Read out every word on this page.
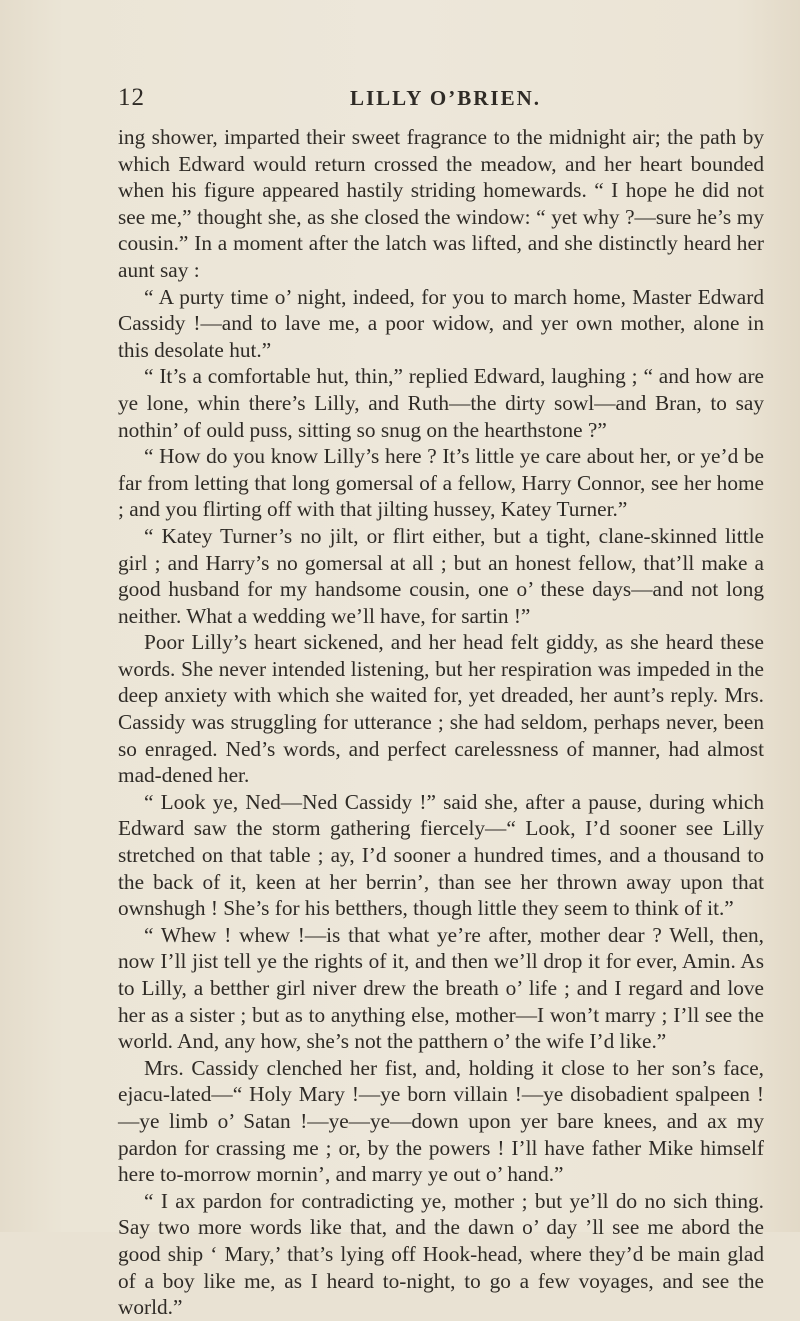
12	LILLY O’BRIEN.

ing shower, imparted their sweet fragrance to the midnight air; the path by which Edward would return crossed the meadow, and her heart bounded when his figure appeared hastily striding homewards. “ I hope he did not see me,” thought she, as she closed the window: “ yet why ?—sure he’s my cousin.” In a moment after the latch was lifted, and she distinctly heard her aunt say :

“ A purty time o’ night, indeed, for you to march home, Master Edward Cassidy !—and to lave me, a poor widow, and yer own mother, alone in this desolate hut.”

“ It’s a comfortable hut, thin,” replied Edward, laughing ; “ and how are ye lone, whin there’s Lilly, and Ruth—the dirty sowl—and Bran, to say nothin’ of ould puss, sitting so snug on the hearthstone ?”

“ How do you know Lilly’s here ? It’s little ye care about her, or ye’d be far from letting that long gomersal of a fellow, Harry Connor, see her home ; and you flirting off with that jilting hussey, Katey Turner.”

“ Katey Turner’s no jilt, or flirt either, but a tight, clane-skinned little girl ; and Harry’s no gomersal at all ; but an honest fellow, that’ll make a good husband for my handsome cousin, one o’ these days—and not long neither. What a wedding we’ll have, for sartin !”

Poor Lilly’s heart sickened, and her head felt giddy, as she heard these words. She never intended listening, but her respiration was impeded in the deep anxiety with which she waited for, yet dreaded, her aunt’s reply. Mrs. Cassidy was struggling for utterance ; she had seldom, perhaps never, been so enraged. Ned’s words, and perfect carelessness of manner, had almost mad-dened her.

“ Look ye, Ned—Ned Cassidy !” said she, after a pause, during which Edward saw the storm gathering fiercely—“ Look, I’d sooner see Lilly stretched on that table ; ay, I’d sooner a hundred times, and a thousand to the back of it, keen at her berrin’, than see her thrown away upon that ownshugh ! She’s for his betthers, though little they seem to think of it.”

“ Whew ! whew !—is that what ye’re after, mother dear ? Well, then, now I’ll jist tell ye the rights of it, and then we’ll drop it for ever, Amin. As to Lilly, a betther girl niver drew the breath o’ life ; and I regard and love her as a sister ; but as to anything else, mother—I won’t marry ; I’ll see the world. And, any how, she’s not the patthern o’ the wife I’d like.”

Mrs. Cassidy clenched her fist, and, holding it close to her son’s face, ejacu-lated—“ Holy Mary !—ye born villain !—ye disobadient spalpeen !—ye limb o’ Satan !—ye—ye—down upon yer bare knees, and ax my pardon for crassing me ; or, by the powers ! I’ll have father Mike himself here to-morrow mornin’, and marry ye out o’ hand.”

“ I ax pardon for contradicting ye, mother ; but ye’ll do no sich thing. Say two more words like that, and the dawn o’ day ’ll see me abord the good ship ‘ Mary,’ that’s lying off Hook-head, where they’d be main glad of a boy like me, as I heard to-night, to go a few voyages, and see the world.”
